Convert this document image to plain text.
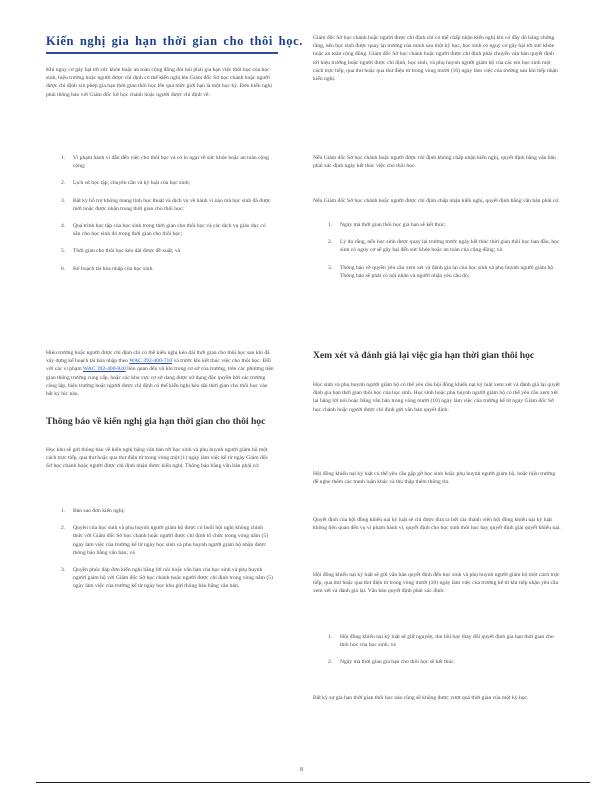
Kiến nghị gia hạn thời gian cho thôi học.

Khi nguy cơ gây hại tới sức khỏe hoặc an toàn cộng đồng đòi hỏi phải gia hạn việc thôi học của học sinh, hiệu trưởng hoặc người được chỉ định có thể kiến nghị lên Giám đốc Sở học chánh hoặc người được chỉ định xin phép gia hạn thời gian thôi học lên quá mức giới hạn là một học kỳ. Đơn kiến nghị phải thông báo với Giám đốc Sở học chánh hoặc người được chỉ định về:

1. Vi phạm hành vi dẫn đến việc cho thôi học và có lo ngại về sức khỏe hoặc an toàn cộng cộng;
2. Lịch sử học tập, chuyên cần và kỷ luật của học sinh;
3. Bất kỳ hỗ trợ không mang tính học thuật và dịch vụ về hành vi nào mà học sinh đã được mời hoặc được nhận trong thời gian cho thôi học;
4. Quá trình học tập của học sinh trong thời gian cho thôi học và các dịch vụ giáo dục có sẵn cho học sinh đó trong thời gian cho thôi học;
5. Thời gian cho thôi học kéo dài được đề xuất; và
6. Kế hoạch tái hòa nhập của học sinh.

Hiệu trưởng hoặc người được chỉ định chỉ có thể kiến nghị kéo dài thời gian cho thôi học sau khi đã xây dựng kế hoạch tái hòa nhập theo WAC 392-400-710 và trước khi kết thúc việc cho thôi học. Đối với các vi phạm WAC 392-400-820 liên quan đến vũ khí trong cơ sở của trường, trên các phương tiện giao thông trường cung cấp, hoặc các khu vực cơ sở dang được sử dụng độc quyền bởi các trường công lập, hiệu trưởng hoặc người được chỉ định có thể kiến nghị kéo dài thời gian cho thôi học vào bất kỳ lúc nào.

Thông báo về kiến nghị gia hạn thời gian cho thôi học

Học khu sẽ gửi thông báo về kiến nghị bằng văn bản tới học sinh và phụ huynh người giám hộ một cách trực tiếp, qua thư hoặc qua thư điện tử trong vòng một (1) ngày làm việc kể từ ngày Giám đốc Sở học chánh hoặc người được chỉ định nhận được kiến nghị. Thông báo bằng văn bản phải có:

1. Bản sao đơn kiến nghị;
2. Quyền của học sinh và phụ huynh người giám hộ được có buổi hội nghị không chính thức với Giám đốc Sở học chánh hoặc người được chỉ định tổ chức trong vòng năm (5) ngày làm việc của trường kể từ ngày học sinh và phụ huynh người giám hộ nhận được thông báo bằng văn bản; và
3. Quyền phúc đáp đơn kiến nghị bằng lời nói hoặc văn bản của học sinh và phụ huynh người giám hộ với Giám đốc Sở học chánh hoặc người được chỉ định trong vòng năm (5) ngày làm việc của trường kể từ ngày học khu gửi thông báo bằng văn bản.

Giám đốc Sở học chánh hoặc người được chỉ định chỉ có thể chấp nhận kiến nghị khi có đầy đủ bằng chứng rằng, nếu học sinh được quay lại trường của mình sau một kỳ học, học sinh có nguy cơ gây hại tới sức khỏe hoặc an toàn cộng đồng. Giám đốc Sở học chánh hoặc người được chỉ định phải chuyển văn bản quyết định tới hiệu trưởng hoặc người được chỉ định, học sinh, và phụ huynh người giám hộ của các em học sinh một cách trực tiếp, qua thư hoặc qua thư điện tử trong vòng mười (10) ngày làm việc của trường sau khi tiếp nhận kiến nghị.

Nếu Giám đốc Sở học chánh hoặc người được chỉ định không chấp nhận kiến nghị, quyết định bằng văn bản phải xác định ngày kết thúc việc cho thôi học.

Nếu Giám đốc Sở học chánh hoặc người được chỉ định chấp nhận kiến nghị, quyết định bằng văn bản phải có:

1. Ngày mà thời gian thôi học gia hạn sẽ kết thúc;
2. Lý do rằng, nếu học sinh được quay lại trường trước ngày kết thúc thời gian thôi học ban đầu, học sinh có nguy cơ sẽ gây hại đến sức khỏe hoặc an toàn của cộng đồng; và
3. Thông báo về quyền yêu cầu xem xét và đánh giá lại của học sinh và phụ huynh người giám hộ. Thông báo sẽ phải có nội nhân và người nhận yêu cầu đó;
Xem xét và đánh giá lại việc gia hạn thời gian thôi học

Học sinh và phụ huynh người giám hộ có thể yêu cầu hội đồng khiếu nại kỷ luật xem xét và đánh giá lại quyết định gia hạn thời gian thôi học của học sinh. Học sinh hoặc phụ huynh người giám hộ có thể yêu cầu xem xét lại bằng lời nói hoặc bằng văn bản trong vòng mười (10) ngày làm việc của trường kể từ ngày Giám đốc Sở học chánh hoặc người được chỉ định gửi văn bản quyết định.

Hội đồng khiếu nại kỷ luật có thể yêu cầu gặp gỡ học sinh hoặc phụ huynh người giám hộ, hoặc hiệu trưởng để nghe thêm các tranh luận khác và thu thập thêm thông tin.

Quyết định của hội đồng khiếu nại kỷ luật sẽ chỉ được đưa ra bởi các thành viên hội đồng khiếu nại kỷ luật không liên quan đến vụ vi phạm hành vi, quyết định cho học sinh thôi học hay quyết định giải quyết khiếu nại.

Hội đồng khiếu nại kỷ luật sẽ gửi văn bản quyết định đến học sinh và phụ huynh người giám hộ một cách trực tiếp, qua thư hoặc qua thư điện tử trong vòng mười (10) ngày làm việc của trường kể từ khi tiếp nhận yêu cầu xem xét và đánh giá lại. Văn bản quyết định phải xác định:

1. Hội đồng khiếu nại kỷ luật sẽ giữ nguyên, thu hồi hay thay đổi quyết định gia hạn thời gian cho thôi học của học sinh; và
2. Ngày mà thời gian gia hạn cho thôi học sẽ kết thúc.

Bất kỳ sự gia hạn thời gian thôi học nào cũng sẽ không được vượt quá thời gian của một kỳ học.

8
